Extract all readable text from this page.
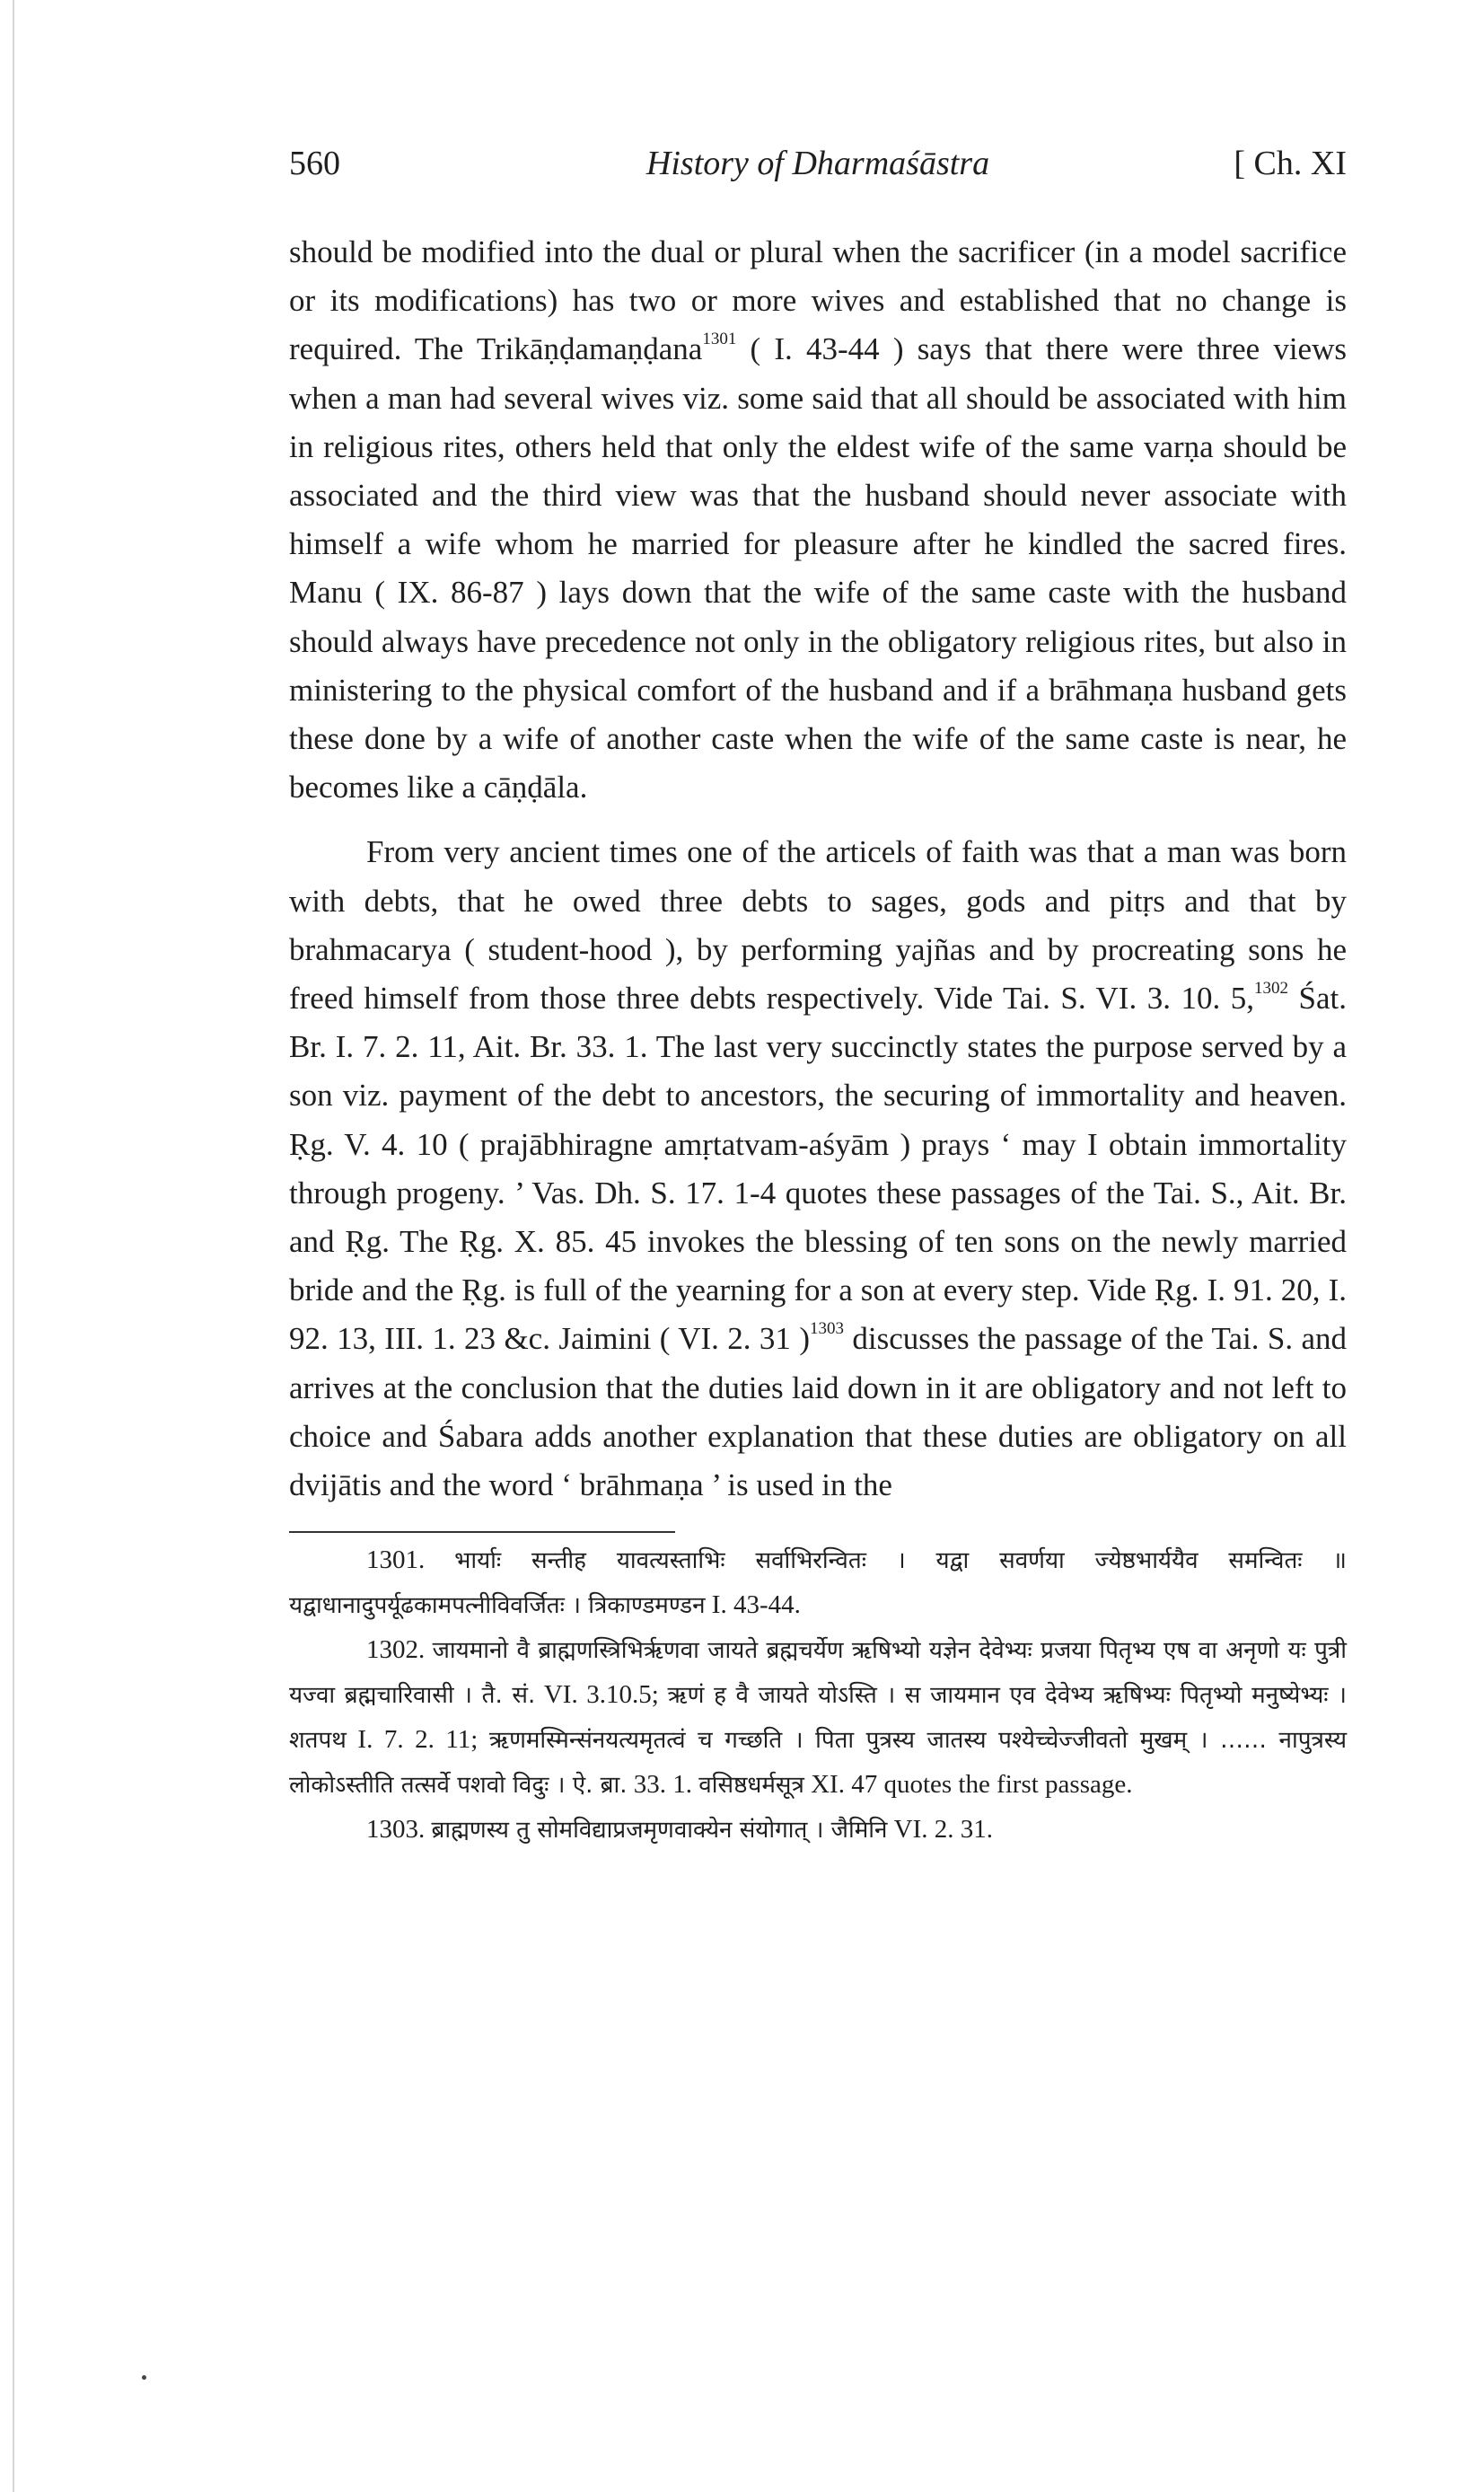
560	History of Dharmaśāstra	[ Ch. XI

should be modified into the dual or plural when the sacrificer (in a model sacrifice or its modifications) has two or more wives and established that no change is required. The Trikāṇḍamaṇḍana$^{1301}$ ( I. 43-44 ) says that there were three views when a man had several wives viz. some said that all should be associated with him in religious rites, others held that only the eldest wife of the same varṇa should be associated and the third view was that the husband should never associate with himself a wife whom he married for pleasure after he kindled the sacred fires. Manu ( IX. 86-87 ) lays down that the wife of the same caste with the husband should always have precedence not only in the obligatory religious rites, but also in ministering to the physical comfort of the husband and if a brāhmaṇa husband gets these done by a wife of another caste when the wife of the same caste is near, he becomes like a cāṇḍāla.

From very ancient times one of the articels of faith was that a man was born with debts, that he owed three debts to sages, gods and pitṛs and that by brahmacarya ( student-hood ), by performing yajñas and by procreating sons he freed himself from those three debts respectively. Vide Tai. S. VI. 3. 10. 5,$^{1302}$ Śat. Br. I. 7. 2. 11, Ait. Br. 33. 1. The last very succinctly states the purpose served by a son viz. payment of the debt to ancestors, the securing of immortality and heaven. Ṛg. V. 4. 10 ( prajābhiragne amṛtatvam-aśyām ) prays ‘ may I obtain immortality through progeny. ’ Vas. Dh. S. 17. 1-4 quotes these passages of the Tai. S., Ait. Br. and Ṛg. The Ṛg. X. 85. 45 invokes the blessing of ten sons on the newly married bride and the Ṛg. is full of the yearning for a son at every step. Vide Ṛg. I. 91. 20, I. 92. 13, III. 1. 23 &c. Jaimini ( VI. 2. 31 )$^{1303}$ discusses the passage of the Tai. S. and arrives at the conclusion that the duties laid down in it are obligatory and not left to choice and Śabara adds another explanation that these duties are obligatory on all dvijātis and the word ‘ brāhmaṇa ’ is used in the

1301. भार्याः सन्तीह यावत्यस्ताभिः सर्वाभिरन्वितः । यद्वा सवर्णया ज्येष्ठभार्ययैव समन्वितः ॥ यद्वाधानादुपर्यूढकामपत्नीविवर्जितः । त्रिकाण्डमण्डन I. 43-44.

1302. जायमानो वै ब्राह्मणस्त्रिभिर्ऋणवा जायते ब्रह्मचर्येण ऋषिभ्यो यज्ञेन देवेभ्यः प्रजया पितृभ्य एष वा अनृणो यः पुत्री यज्वा ब्रह्मचारिवासी । तै. सं. VI. 3.10.5; ऋणं ह वै जायते योऽस्ति । स जायमान एव देवेभ्य ऋषिभ्यः पितृभ्यो मनुष्येभ्यः । शतपथ I. 7. 2. 11; ऋणमस्मिन्संनयत्यमृतत्वं च गच्छति । पिता पुत्रस्य जातस्य पश्येच्चेज्जीवतो मुखम् । …… नापुत्रस्य लोकोऽस्तीति तत्सर्वे पशवो विदुः । ऐ. ब्रा. 33. 1. वसिष्ठधर्मसूत्र XI. 47 quotes the first passage.

1303. ब्राह्मणस्य तु सोमविद्याप्रजमृणवाक्येन संयोगात् । जैमिनि VI. 2. 31.
